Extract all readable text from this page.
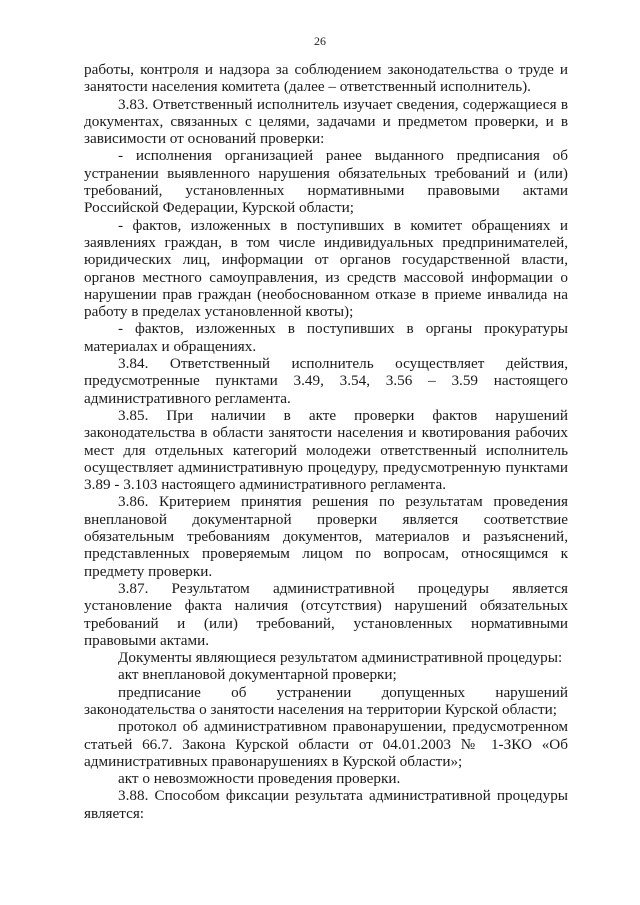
26

работы, контроля и надзора за соблюдением законодательства о труде и занятости населения комитета (далее – ответственный исполнитель).

3.83. Ответственный исполнитель изучает сведения, содержащиеся в документах, связанных с целями, задачами и предметом проверки, и в зависимости от оснований проверки:

- исполнения организацией ранее выданного предписания об устранении выявленного нарушения обязательных требований и (или) требований, установленных нормативными правовыми актами Российской Федерации, Курской области;

- фактов, изложенных в поступивших в комитет обращениях и заявлениях граждан, в том числе индивидуальных предпринимателей, юридических лиц, информации от органов государственной власти, органов местного самоуправления, из средств массовой информации о нарушении прав граждан (необоснованном отказе в приеме инвалида на работу в пределах установленной квоты);

- фактов, изложенных в поступивших в органы прокуратуры материалах и обращениях.

3.84. Ответственный исполнитель осуществляет действия, предусмотренные пунктами 3.49, 3.54, 3.56 – 3.59 настоящего административного регламента.

3.85. При наличии в акте проверки фактов нарушений законодательства в области занятости населения и квотирования рабочих мест для отдельных категорий молодежи ответственный исполнитель осуществляет административную процедуру, предусмотренную пунктами 3.89 - 3.103 настоящего административного регламента.

3.86. Критерием принятия решения по результатам проведения внеплановой документарной проверки является соответствие обязательным требованиям документов, материалов и разъяснений, представленных проверяемым лицом по вопросам, относящимся к предмету проверки.

3.87. Результатом административной процедуры является установление факта наличия (отсутствия) нарушений обязательных требований и (или) требований, установленных нормативными правовыми актами.

Документы являющиеся результатом административной процедуры:

акт внеплановой документарной проверки;

предписание об устранении допущенных нарушений законодательства о занятости населения на территории Курской области;

протокол об административном правонарушении, предусмотренном статьей 66.7. Закона Курской области от 04.01.2003 № 1-ЗКО «Об административных правонарушениях в Курской области»;

акт о невозможности проведения проверки.

3.88. Способом фиксации результата административной процедуры является:
